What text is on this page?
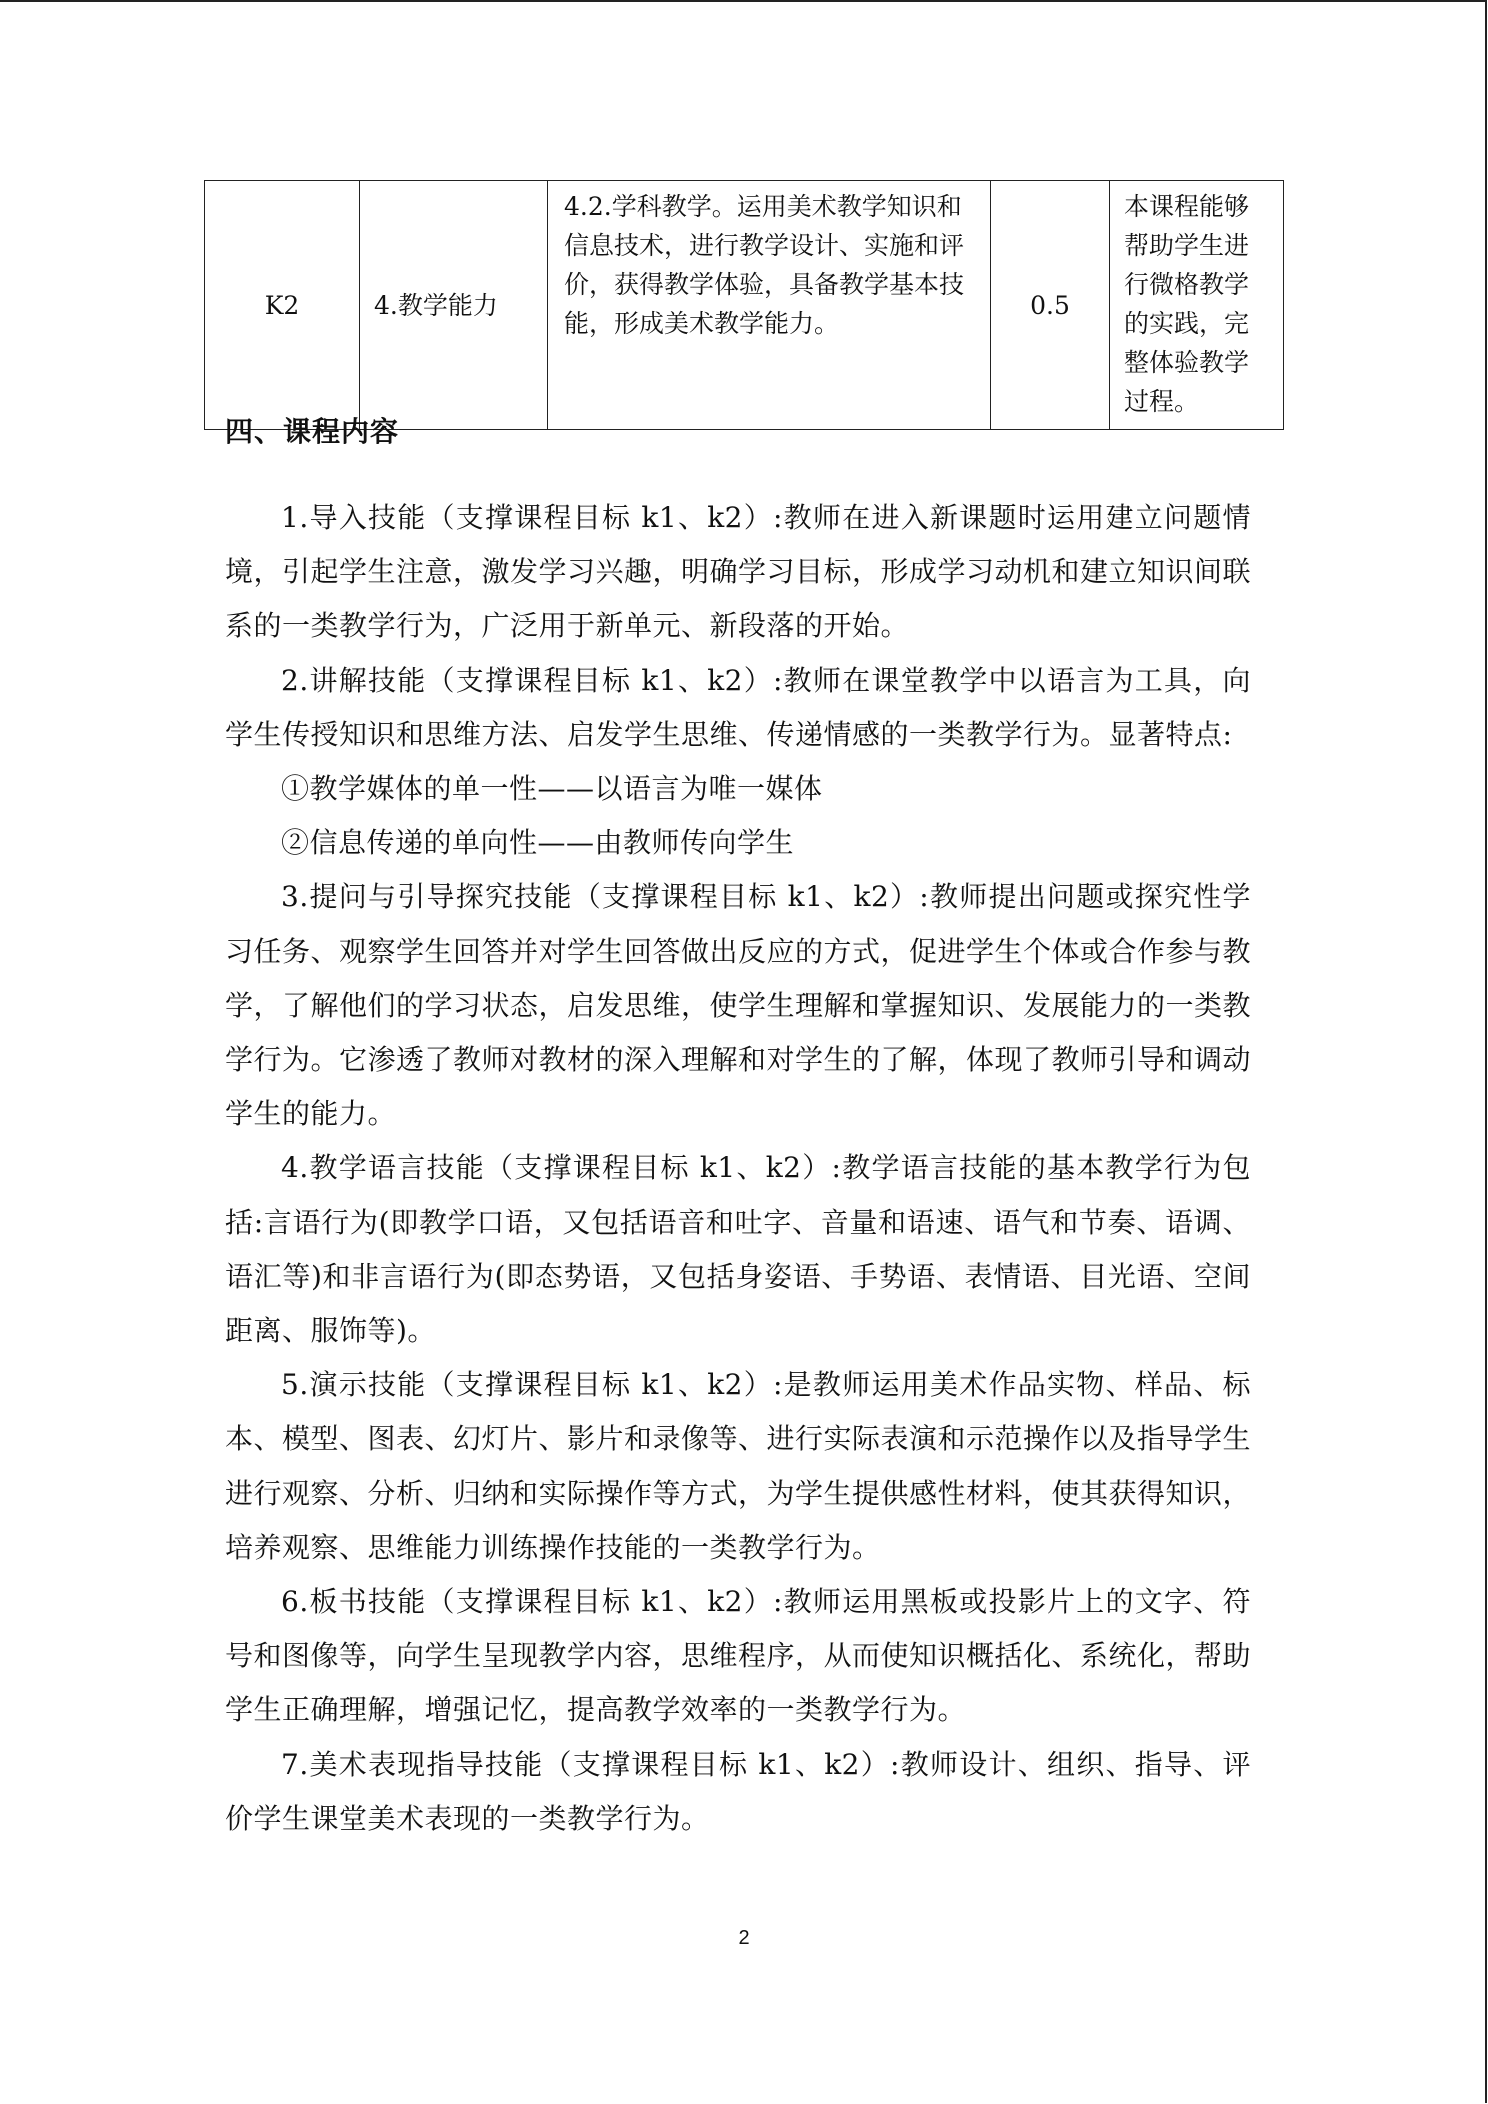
K2	4.教学能力	4.2.学科教学。运用美术教学知识和信息技术，进行教学设计、实施和评价，获得教学体验，具备教学基本技能，形成美术教学能力。	0.5	本课程能够帮助学生进行微格教学的实践，完整体验教学过程。
四、课程内容

1.导入技能（支撑课程目标 k1、k2）:教师在进入新课题时运用建立问题情境，引起学生注意，激发学习兴趣，明确学习目标，形成学习动机和建立知识间联系的一类教学行为，广泛用于新单元、新段落的开始。

2.讲解技能（支撑课程目标 k1、k2）:教师在课堂教学中以语言为工具，向学生传授知识和思维方法、启发学生思维、传递情感的一类教学行为。显著特点:

①教学媒体的单一性——以语言为唯一媒体

②信息传递的单向性——由教师传向学生

3.提问与引导探究技能（支撑课程目标 k1、k2）:教师提出问题或探究性学习任务、观察学生回答并对学生回答做出反应的方式，促进学生个体或合作参与教学，了解他们的学习状态，启发思维，使学生理解和掌握知识、发展能力的一类教学行为。它渗透了教师对教材的深入理解和对学生的了解，体现了教师引导和调动学生的能力。

4.教学语言技能（支撑课程目标 k1、k2）:教学语言技能的基本教学行为包括:言语行为(即教学口语，又包括语音和吐字、音量和语速、语气和节奏、语调、语汇等)和非言语行为(即态势语，又包括身姿语、手势语、表情语、目光语、空间距离、服饰等)。

5.演示技能（支撑课程目标 k1、k2）:是教师运用美术作品实物、样品、标本、模型、图表、幻灯片、影片和录像等、进行实际表演和示范操作以及指导学生进行观察、分析、归纳和实际操作等方式，为学生提供感性材料，使其获得知识，培养观察、思维能力训练操作技能的一类教学行为。

6.板书技能（支撑课程目标 k1、k2）:教师运用黑板或投影片上的文字、符号和图像等，向学生呈现教学内容，思维程序，从而使知识概括化、系统化，帮助学生正确理解，增强记忆，提高教学效率的一类教学行为。

7.美术表现指导技能（支撑课程目标 k1、k2）:教师设计、组织、指导、评价学生课堂美术表现的一类教学行为。

2
